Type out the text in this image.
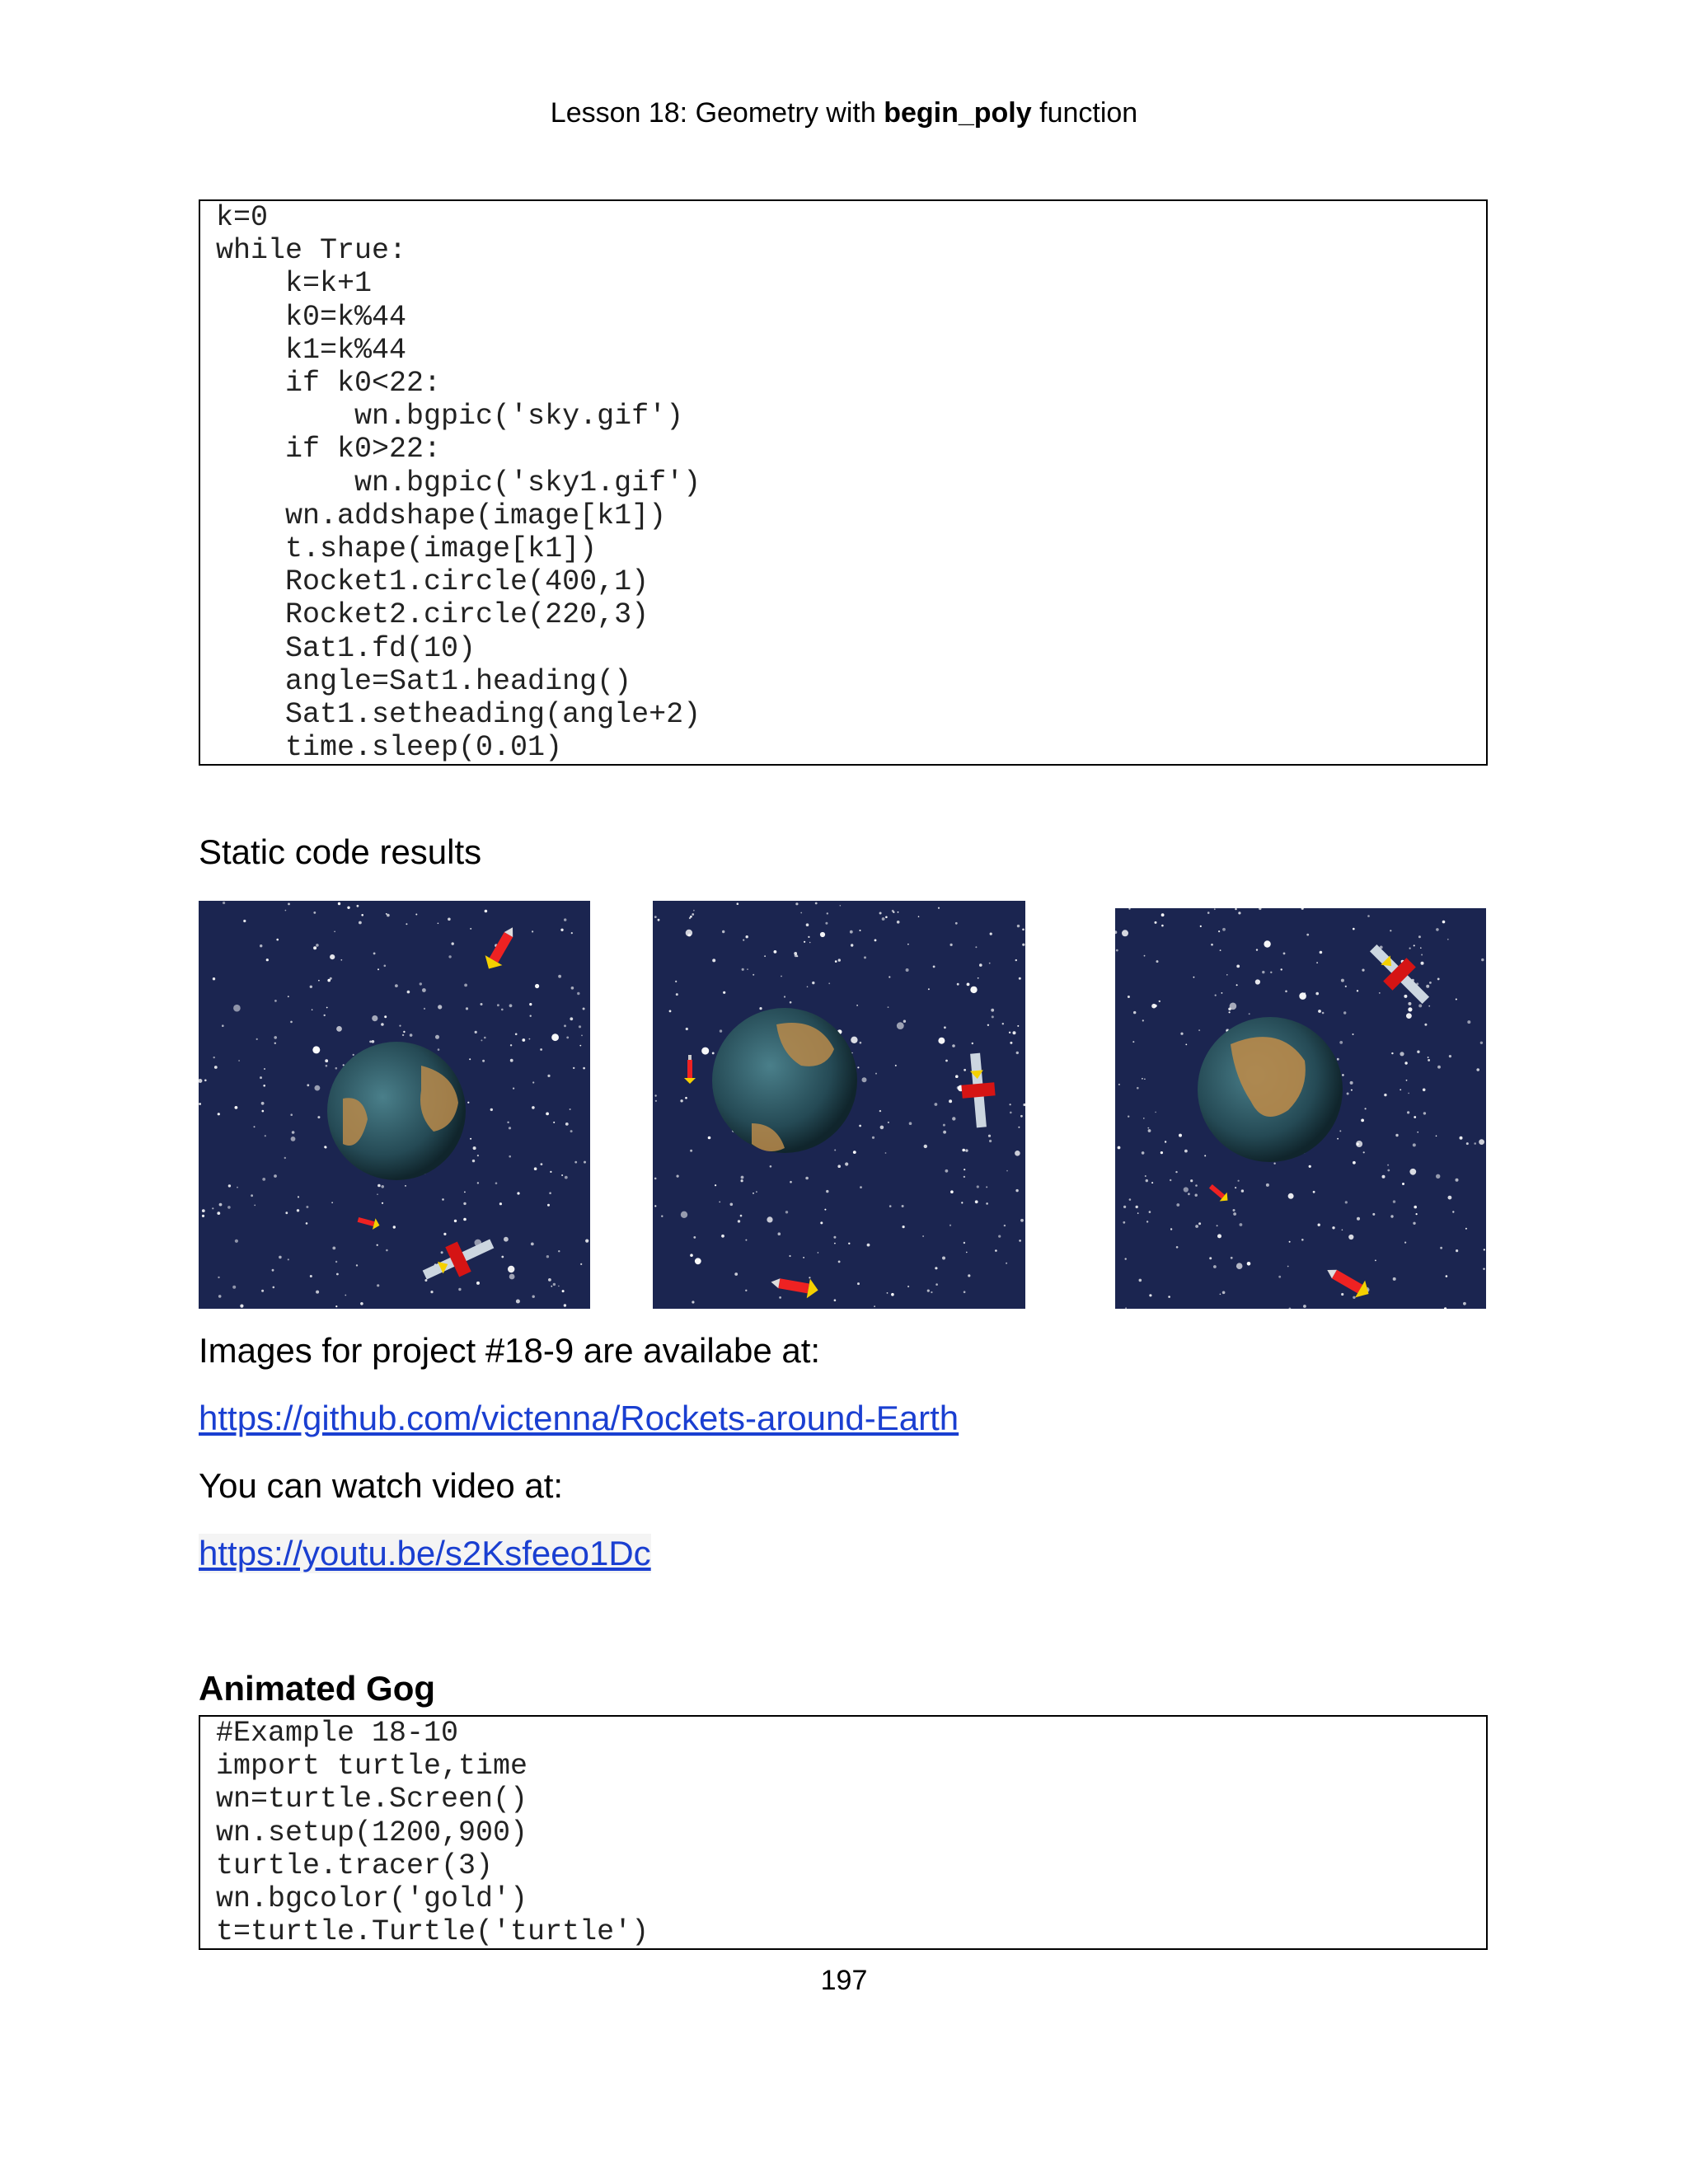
Lesson 18: Geometry with begin_poly function
k=0
while True:
k=k+1
k0=k%44
k1=k%44
if k0<22:
wn.bgpic('sky.gif')
if k0>22:
wn.bgpic('sky1.gif')
wn.addshape(image[k1])
t.shape(image[k1])
Rocket1.circle(400,1)
Rocket2.circle(220,3)
Sat1.fd(10)
angle=Sat1.heading()
Sat1.setheading(angle+2)
time.sleep(0.01)
Static code results
Images for project #18-9 are availabe at:
https://github.com/victenna/Rockets-around-Earth
You can watch video at:
https://youtu.be/s2Ksfeeo1Dc
Animated Gog
#Example 18-10
import turtle,time
wn=turtle.Screen()
wn.setup(1200,900)
turtle.tracer(3)
wn.bgcolor('gold')
t=turtle.Turtle('turtle')
197
